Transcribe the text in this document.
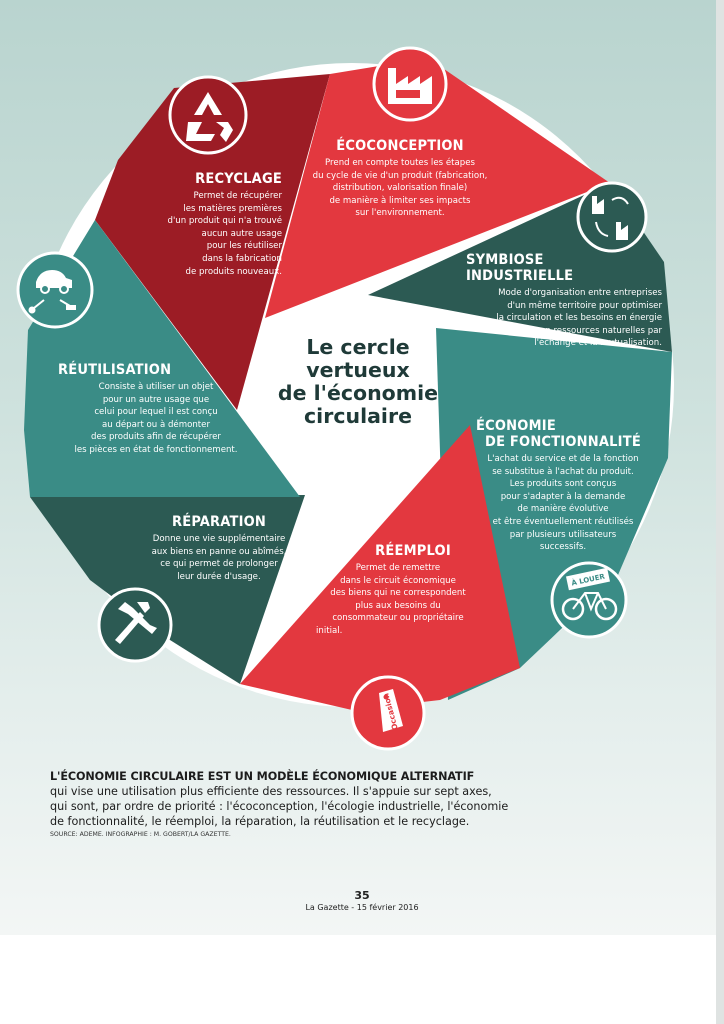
À LOUER
Occasion
ÉCOCONCEPTION
Prend en compte toutes les étapes
du cycle de vie d'un produit (fabrication,
distribution, valorisation finale)
de manière à limiter ses impacts
sur l'environnement.
RECYCLAGE
Permet de récupérer
les matières premières
d'un produit qui n'a trouvé
aucun autre usage
pour les réutiliser
dans la fabrication
de produits nouveaux.
SYMBIOSE
INDUSTRIELLE
Mode d'organisation entre entreprises
d'un même territoire pour optimiser
la circulation et les besoins en énergie
et en ressources naturelles par
l'échange et la mutualisation.
RÉUTILISATION
Consiste à utiliser un objet
pour un autre usage que
celui pour lequel il est conçu
au départ ou à démonter
des produits afin de récupérer
les pièces en état de fonctionnement.
ÉCONOMIE
DE FONCTIONNALITÉ
L'achat du service et de la fonction
se substitue à l'achat du produit.
Les produits sont conçus
pour s'adapter à la demande
de manière évolutive
et être éventuellement réutilisés
par plusieurs utilisateurs
successifs.
RÉPARATION
Donne une vie supplémentaire
aux biens en panne ou abîmés,
ce qui permet de prolonger
leur durée d'usage.
RÉEMPLOI
Permet de remettre
dans le circuit économique
des biens qui ne correspondent
plus aux besoins du
consommateur ou propriétaire
initial.
Le cercle
vertueux
de l'économie
circulaire
L'ÉCONOMIE CIRCULAIRE EST UN MODÈLE ÉCONOMIQUE ALTERNATIF
qui vise une utilisation plus efficiente des ressources. Il s'appuie sur sept axes,
qui sont, par ordre de priorité : l'écoconception, l'écologie industrielle, l'économie
de fonctionnalité, le réemploi, la réparation, la réutilisation et le recyclage.
SOURCE: ADEME. INFOGRAPHIE : M. GOBERT/LA GAZETTE.
35
La Gazette - 15 février 2016
